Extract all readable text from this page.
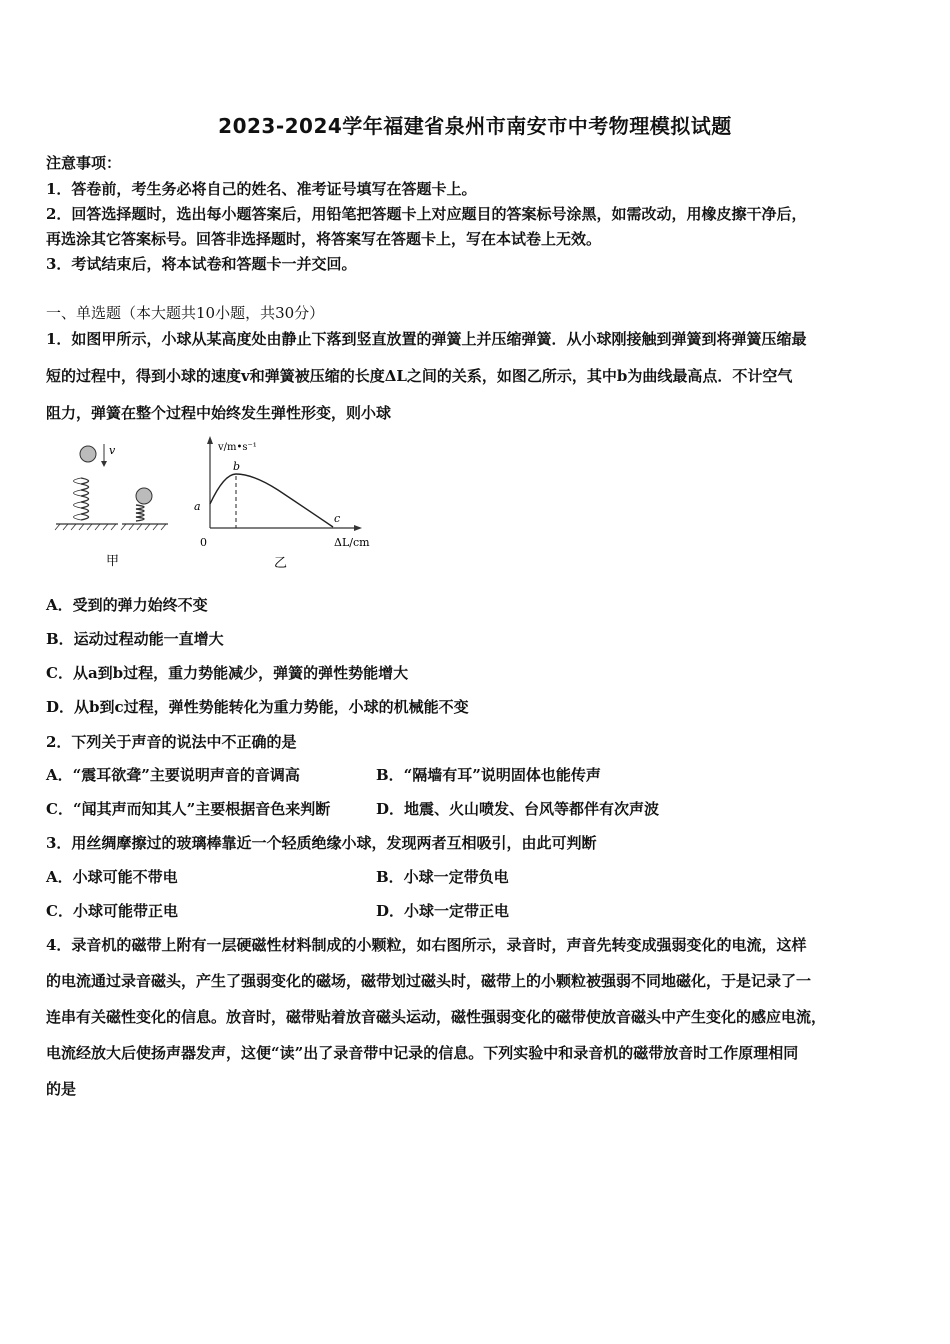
2023-2024学年福建省泉州市南安市中考物理模拟试题
注意事项：
1．答卷前，考生务必将自己的姓名、准考证号填写在答题卡上。
2．回答选择题时，选出每小题答案后，用铅笔把答题卡上对应题目的答案标号涂黑，如需改动，用橡皮擦干净后，
再选涂其它答案标号。回答非选择题时，将答案写在答题卡上，写在本试卷上无效。
3．考试结束后，将本试卷和答题卡一并交回。
一、单选题（本大题共10小题，共30分）
1．如图甲所示，小球从某高度处由静止下落到竖直放置的弹簧上并压缩弹簧．从小球刚接触到弹簧到将弹簧压缩最
短的过程中，得到小球的速度v和弹簧被压缩的长度ΔL之间的关系，如图乙所示，其中b为曲线最高点．不计空气
阻力，弹簧在整个过程中始终发生弹性形变，则小球
v
甲
v/m•s⁻¹
ΔL/cm
0
a
b
c
乙
A．受到的弹力始终不变
B．运动过程动能一直增大
C．从a到b过程，重力势能减少，弹簧的弹性势能增大
D．从b到c过程，弹性势能转化为重力势能，小球的机械能不变
2．下列关于声音的说法中不正确的是
A．“震耳欲聋”主要说明声音的音调高	B．“隔墙有耳”说明固体也能传声
C．“闻其声而知其人”主要根据音色来判断	D．地震、火山喷发、台风等都伴有次声波
3．用丝绸摩擦过的玻璃棒靠近一个轻质绝缘小球，发现两者互相吸引，由此可判断
A．小球可能不带电	B．小球一定带负电
C．小球可能带正电	D．小球一定带正电
4．录音机的磁带上附有一层硬磁性材料制成的小颗粒，如右图所示，录音时，声音先转变成强弱变化的电流，这样
的电流通过录音磁头，产生了强弱变化的磁场，磁带划过磁头时，磁带上的小颗粒被强弱不同地磁化，于是记录了一
连串有关磁性变化的信息。放音时，磁带贴着放音磁头运动，磁性强弱变化的磁带使放音磁头中产生变化的感应电流，
电流经放大后使扬声器发声，这便“读”出了录音带中记录的信息。下列实验中和录音机的磁带放音时工作原理相同
的是
